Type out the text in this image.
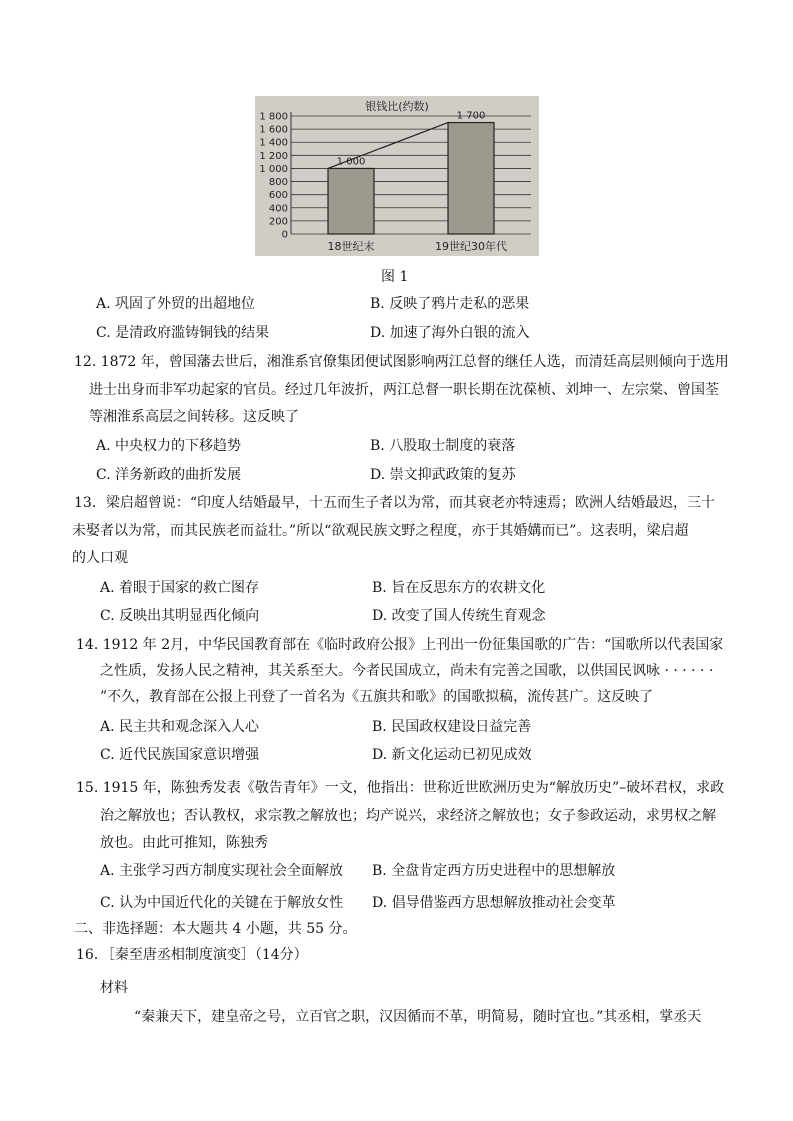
银钱比(约数)
0
200
400
600
800
1 000
1 200
1 400
1 600
1 800
1 000
18世纪末
1 700
19世纪30年代
图 1
A. 巩固了外贸的出超地位	B. 反映了鸦片走私的恶果
C. 是清政府滥铸铜钱的结果	D. 加速了海外白银的流入
12. 1872 年，曾国藩去世后，湘淮系官僚集团便试图影响两江总督的继任人选，而清廷高层则倾向于选用
进士出身而非军功起家的官员。经过几年波折，两江总督一职长期在沈葆桢、刘坤一、左宗棠、曾国荃
等湘淮系高层之间转移。这反映了
A. 中央权力的下移趋势	B. 八股取士制度的衰落
C. 洋务新政的曲折发展	D. 崇文抑武政策的复苏
13．梁启超曾说：“印度人结婚最早，十五而生子者以为常，而其衰老亦特速焉；欧洲人结婚最迟，三十
未娶者以为常，而其民族老而益壮。”所以“欲观民族文野之程度，亦于其婚媾而已”。这表明，梁启超
的人口观
A. 着眼于国家的救亡图存	B. 旨在反思东方的农耕文化
C. 反映出其明显西化倾向	D. 改变了国人传统生育观念
14. 1912 年 2月，中华民国教育部在《临时政府公报》上刊出一份征集国歌的广告：“国歌所以代表国家
之性质，发扬人民之精神，其关系至大。今者民国成立，尚未有完善之国歌，以供国民讽咏 · · · · · ·
”不久，教育部在公报上刊登了一首名为《五旗共和歌》的国歌拟稿，流传甚广。这反映了
A. 民主共和观念深入人心	B. 民国政权建设日益完善
C. 近代民族国家意识增强	D. 新文化运动已初见成效
15. 1915 年，陈独秀发表《敬告青年》一文，他指出：世称近世欧洲历史为“解放历史”–破坏君权，求政
治之解放也；否认教权，求宗教之解放也；均产说兴，求经济之解放也；女子参政运动，求男权之解
放也。由此可推知，陈独秀
A. 主张学习西方制度实现社会全面解放 B. 全盘肯定西方历史进程中的思想解放
C. 认为中国近代化的关键在于解放女性 D. 倡导借鉴西方思想解放推动社会变革
二、非选择题：本大题共 4 小题，共 55 分。
16．［秦至唐丞相制度演变］（14分）
材料
“秦兼天下，建皇帝之号，立百官之职，汉因循而不革，明简易，随时宜也。”其丞相，掌丞天
